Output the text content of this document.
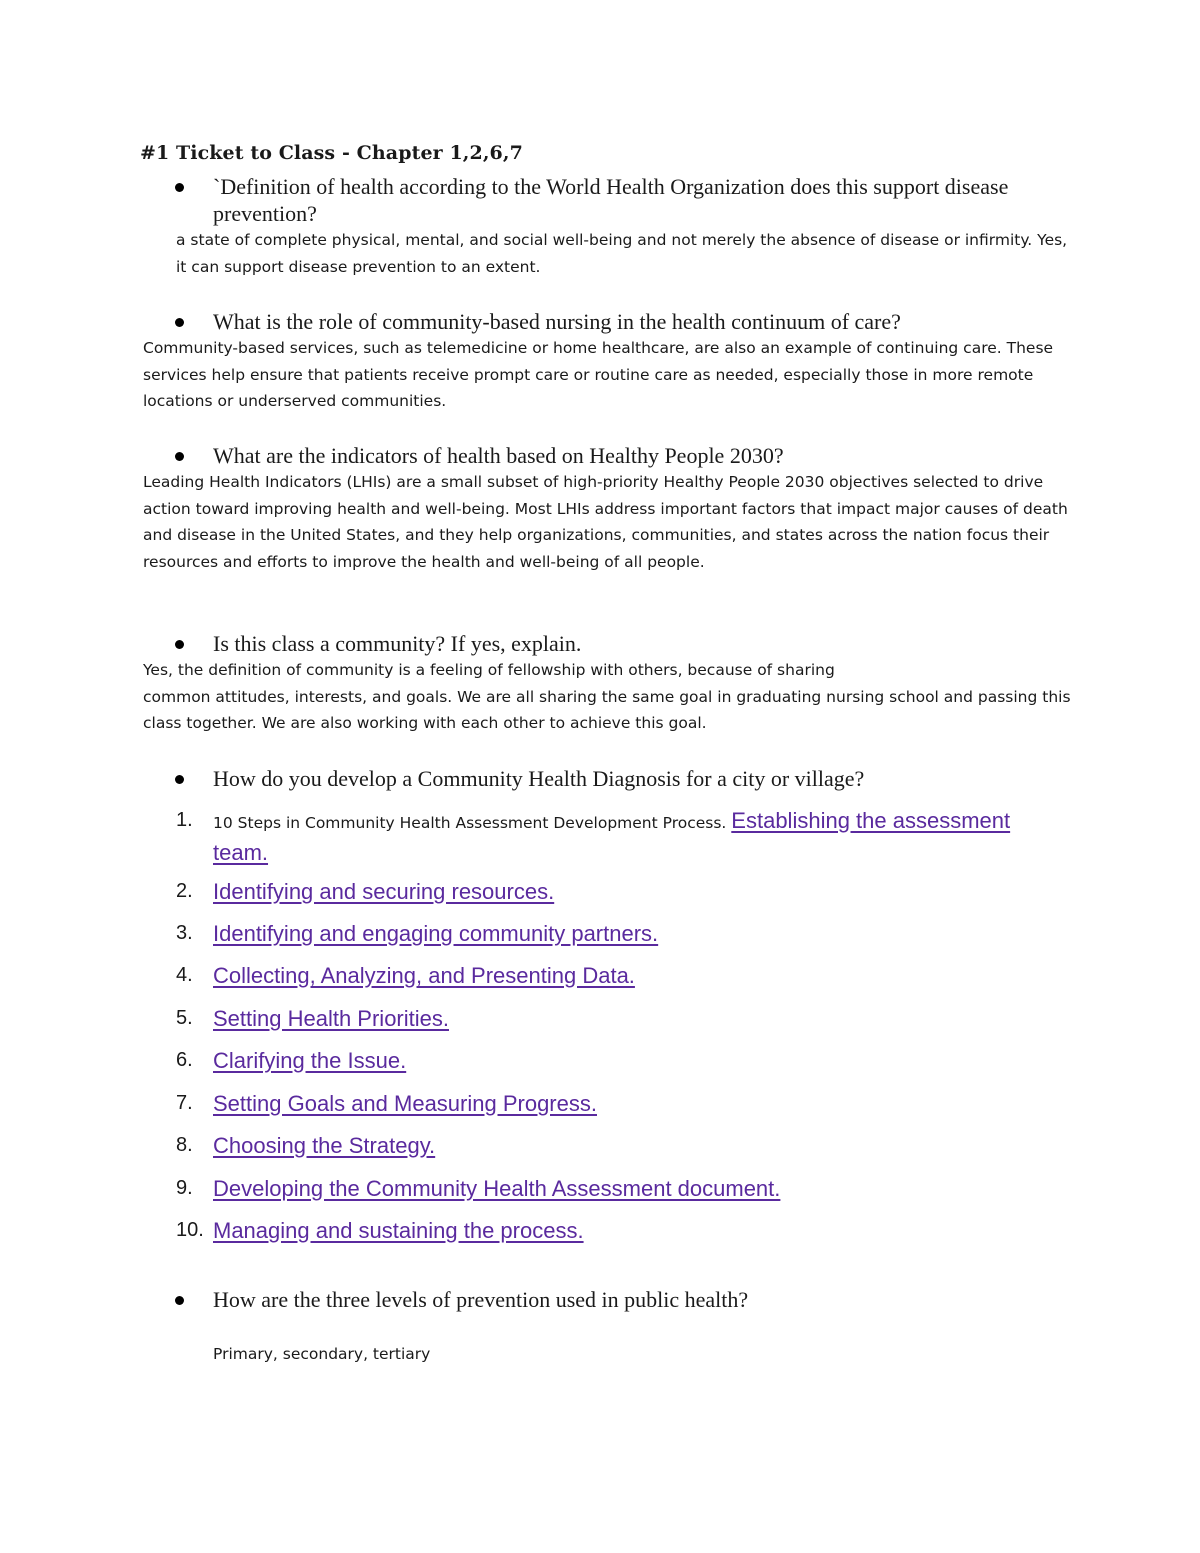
#1 Ticket to Class - Chapter 1,2,6,7

`Definition of health according to the World Health Organization does this support disease prevention?

a state of complete physical, mental, and social well-being and not merely the absence of disease or infirmity. Yes, it can support disease prevention to an extent.

What is the role of community-based nursing in the health continuum of care?

Community-based services, such as telemedicine or home healthcare, are also an example of continuing care. These services help ensure that patients receive prompt care or routine care as needed, especially those in more remote locations or underserved communities.

What are the indicators of health based on Healthy People 2030?

Leading Health Indicators (LHIs) are a small subset of high-priority Healthy People 2030 objectives selected to drive action toward improving health and well-being. Most LHIs address important factors that impact major causes of death and disease in the United States, and they help organizations, communities, and states across the nation focus their resources and efforts to improve the health and well-being of all people.

Is this class a community? If yes, explain.

Yes, the definition of community is a feeling of fellowship with others, because of sharing
common attitudes, interests, and goals. We are all sharing the same goal in graduating nursing school and passing this class together. We are also working with each other to achieve this goal.

How do you develop a Community Health Diagnosis for a city or village?

1.	10 Steps in Community Health Assessment Development Process. Establishing the assessment team.

2. Identifying and securing resources.

3. Identifying and engaging community partners.

4. Collecting, Analyzing, and Presenting Data.

5. Setting Health Priorities.

6. Clarifying the Issue.

7. Setting Goals and Measuring Progress.

8. Choosing the Strategy.

9. Developing the Community Health Assessment document.

10. Managing and sustaining the process.

How are the three levels of prevention used in public health?

Primary, secondary, tertiary
